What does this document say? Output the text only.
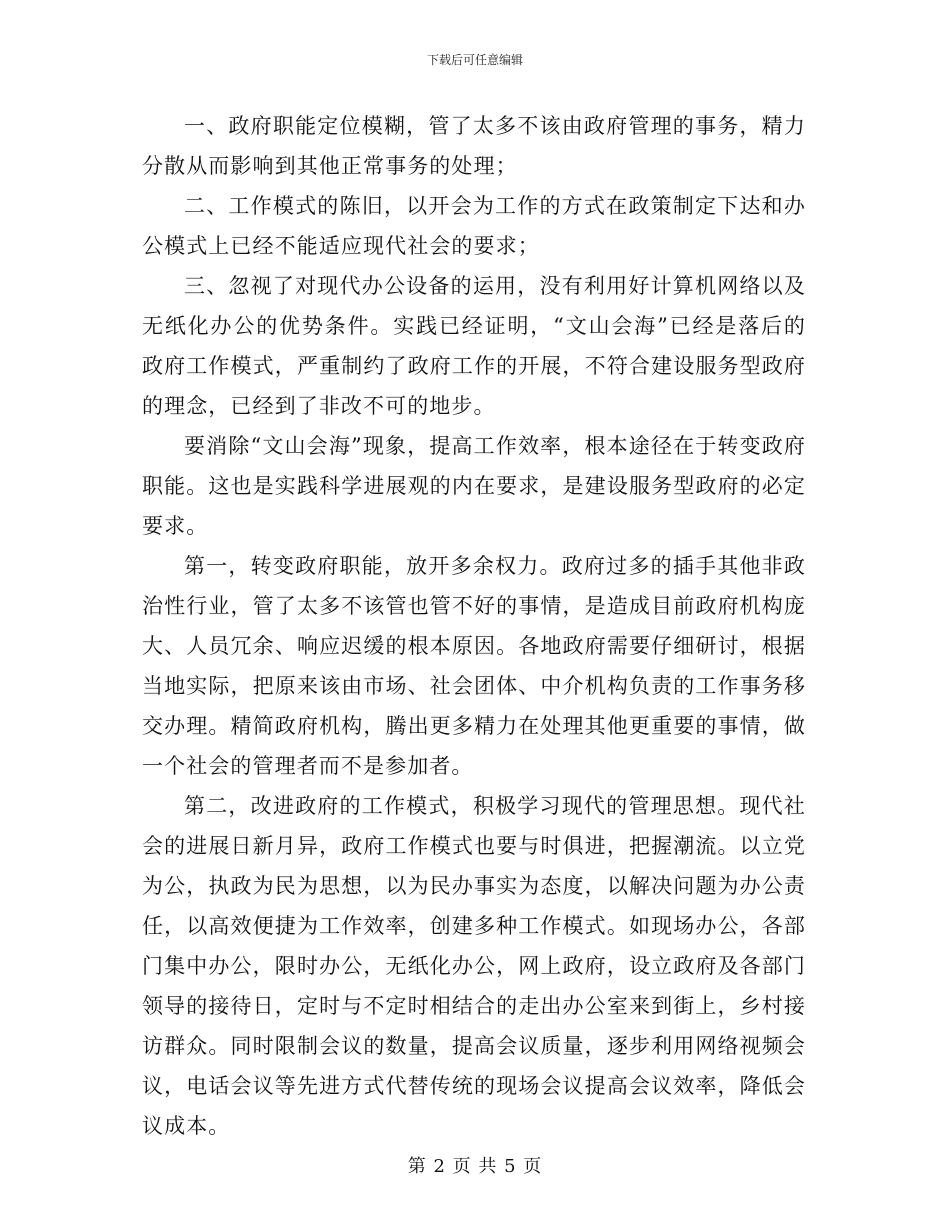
下载后可任意编辑

一、政府职能定位模糊，管了太多不该由政府管理的事务，精力分散从而影响到其他正常事务的处理；

二、工作模式的陈旧，以开会为工作的方式在政策制定下达和办公模式上已经不能适应现代社会的要求；

三、忽视了对现代办公设备的运用，没有利用好计算机网络以及无纸化办公的优势条件。实践已经证明，“文山会海”已经是落后的政府工作模式，严重制约了政府工作的开展，不符合建设服务型政府的理念，已经到了非改不可的地步。

要消除“文山会海”现象，提高工作效率，根本途径在于转变政府职能。这也是实践科学进展观的内在要求，是建设服务型政府的必定要求。

第一，转变政府职能，放开多余权力。政府过多的插手其他非政治性行业，管了太多不该管也管不好的事情，是造成目前政府机构庞大、人员冗余、响应迟缓的根本原因。各地政府需要仔细研讨，根据当地实际，把原来该由市场、社会团体、中介机构负责的工作事务移交办理。精简政府机构，腾出更多精力在处理其他更重要的事情，做一个社会的管理者而不是参加者。

第二，改进政府的工作模式，积极学习现代的管理思想。现代社会的进展日新月异，政府工作模式也要与时俱进，把握潮流。以立党为公，执政为民为思想，以为民办事实为态度，以解决问题为办公责任，以高效便捷为工作效率，创建多种工作模式。如现场办公，各部门集中办公，限时办公，无纸化办公，网上政府，设立政府及各部门领导的接待日，定时与不定时相结合的走出办公室来到街上，乡村接访群众。同时限制会议的数量，提高会议质量，逐步利用网络视频会议，电话会议等先进方式代替传统的现场会议提高会议效率，降低会议成本。

第 2 页 共 5 页
